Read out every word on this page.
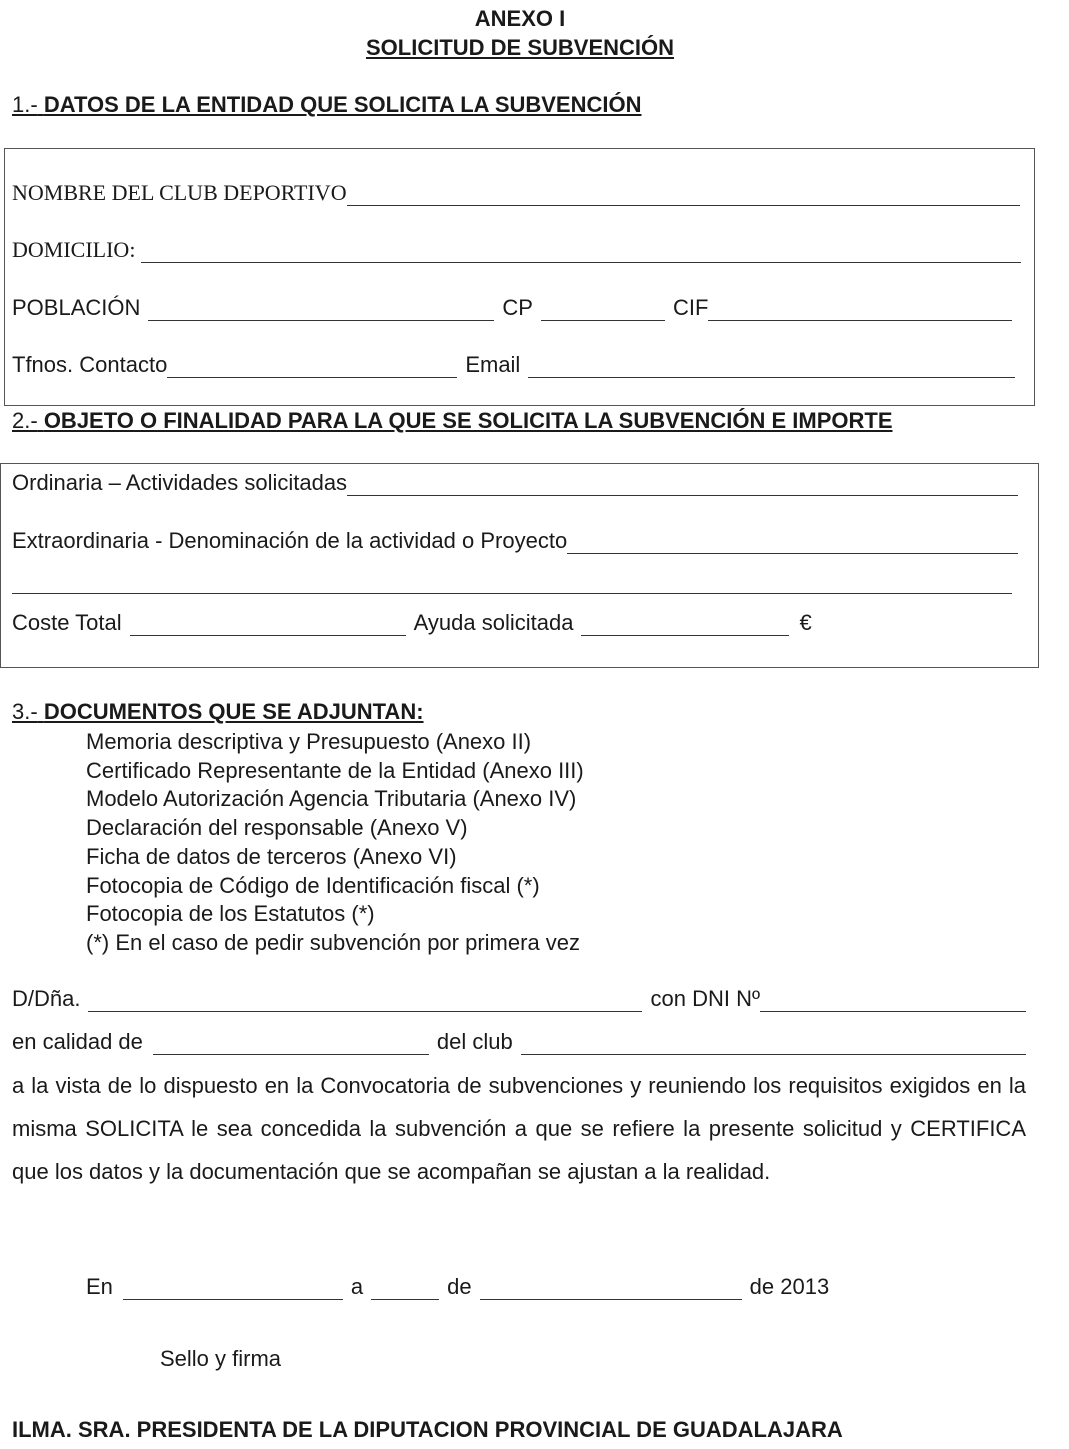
ANEXO I
SOLICITUD DE SUBVENCIÓN
1.- DATOS DE LA ENTIDAD QUE SOLICITA LA SUBVENCIÓN
NOMBRE DEL CLUB DEPORTIVO
DOMICILIO:
POBLACIÓN	CP	CIF
Tfnos. Contacto	Email
2.- OBJETO O FINALIDAD PARA LA QUE SE SOLICITA LA SUBVENCIÓN E IMPORTE
Ordinaria – Actividades solicitadas
Extraordinaria - Denominación de la actividad o Proyecto
Coste Total	Ayuda solicitada	€
3.- DOCUMENTOS QUE SE ADJUNTAN:
Memoria descriptiva y Presupuesto (Anexo II)
Certificado Representante de la Entidad (Anexo III)
Modelo Autorización Agencia Tributaria (Anexo IV)
Declaración del responsable (Anexo V)
Ficha de datos de terceros (Anexo VI)
Fotocopia de Código de Identificación fiscal (*)
Fotocopia de los Estatutos (*)
(*) En el caso de pedir subvención por primera vez
D/Dña.	con DNI Nº
en calidad de	del club
a la vista de lo dispuesto en la Convocatoria de subvenciones y reuniendo los requisitos exigidos en la misma SOLICITA le sea concedida la subvención a que se refiere la presente solicitud y CERTIFICA que los datos y la documentación que se acompañan se ajustan a la realidad.
En	a	de	de 2013
Sello y firma
ILMA. SRA. PRESIDENTA DE LA DIPUTACION PROVINCIAL DE GUADALAJARA
